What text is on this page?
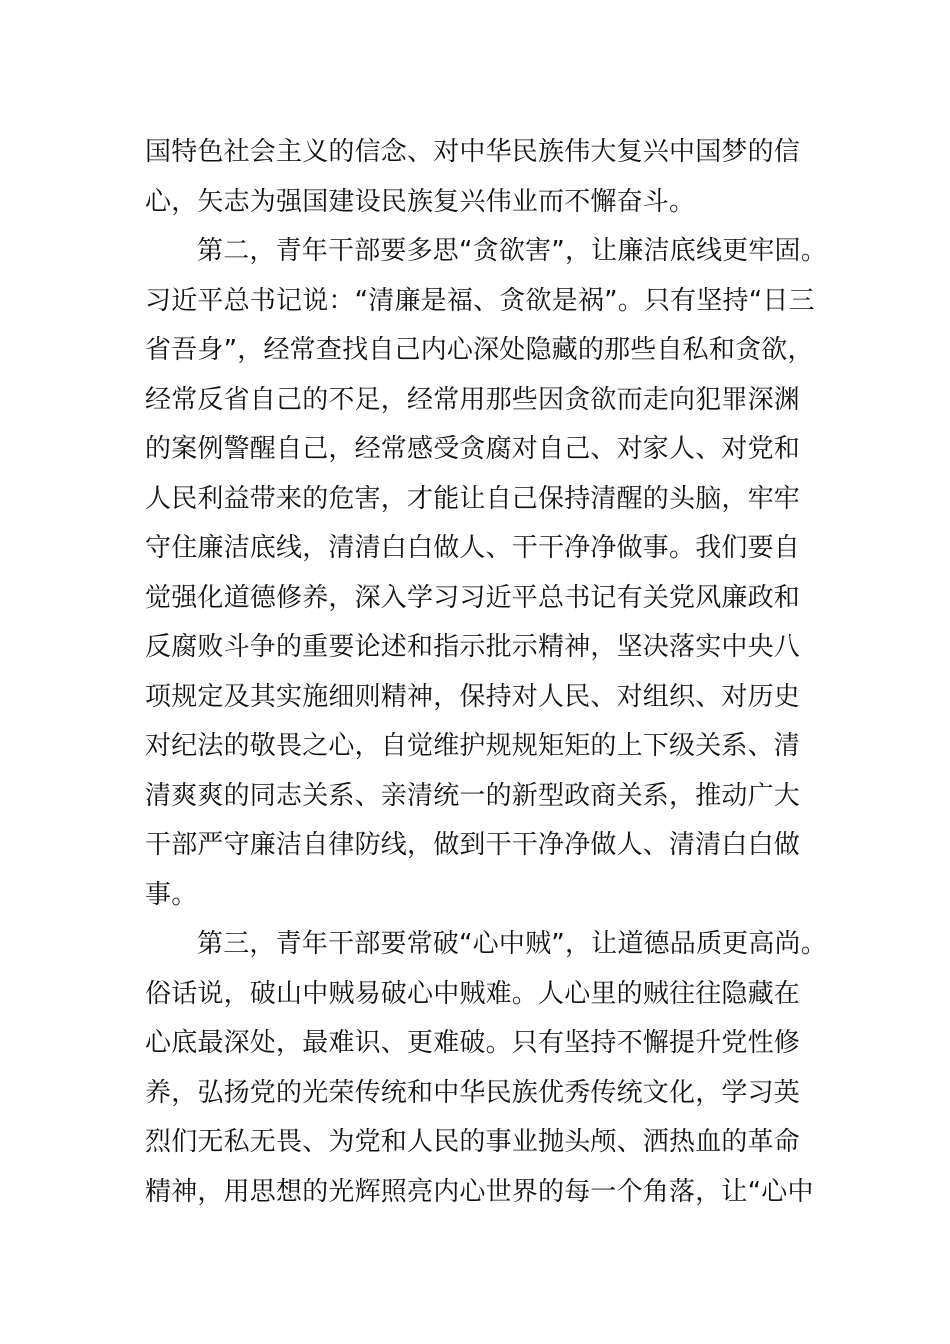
国特色社会主义的信念、对中华民族伟大复兴中国梦的信
心，矢志为强国建设民族复兴伟业而不懈奋斗。
第二，青年干部要多思“贪欲害”，让廉洁底线更牢固。
习近平总书记说：“清廉是福、贪欲是祸”。只有坚持“日三
省吾身”，经常查找自己内心深处隐藏的那些自私和贪欲，
经常反省自己的不足，经常用那些因贪欲而走向犯罪深渊
的案例警醒自己，经常感受贪腐对自己、对家人、对党和
人民利益带来的危害，才能让自己保持清醒的头脑，牢牢
守住廉洁底线，清清白白做人、干干净净做事。我们要自
觉强化道德修养，深入学习习近平总书记有关党风廉政和
反腐败斗争的重要论述和指示批示精神，坚决落实中央八
项规定及其实施细则精神，保持对人民、对组织、对历史
对纪法的敬畏之心，自觉维护规规矩矩的上下级关系、清
清爽爽的同志关系、亲清统一的新型政商关系，推动广大
干部严守廉洁自律防线，做到干干净净做人、清清白白做
事。
第三，青年干部要常破“心中贼”，让道德品质更高尚。
俗话说，破山中贼易破心中贼难。人心里的贼往往隐藏在
心底最深处，最难识、更难破。只有坚持不懈提升党性修
养，弘扬党的光荣传统和中华民族优秀传统文化，学习英
烈们无私无畏、为党和人民的事业抛头颅、洒热血的革命
精神，用思想的光辉照亮内心世界的每一个角落，让“心中
